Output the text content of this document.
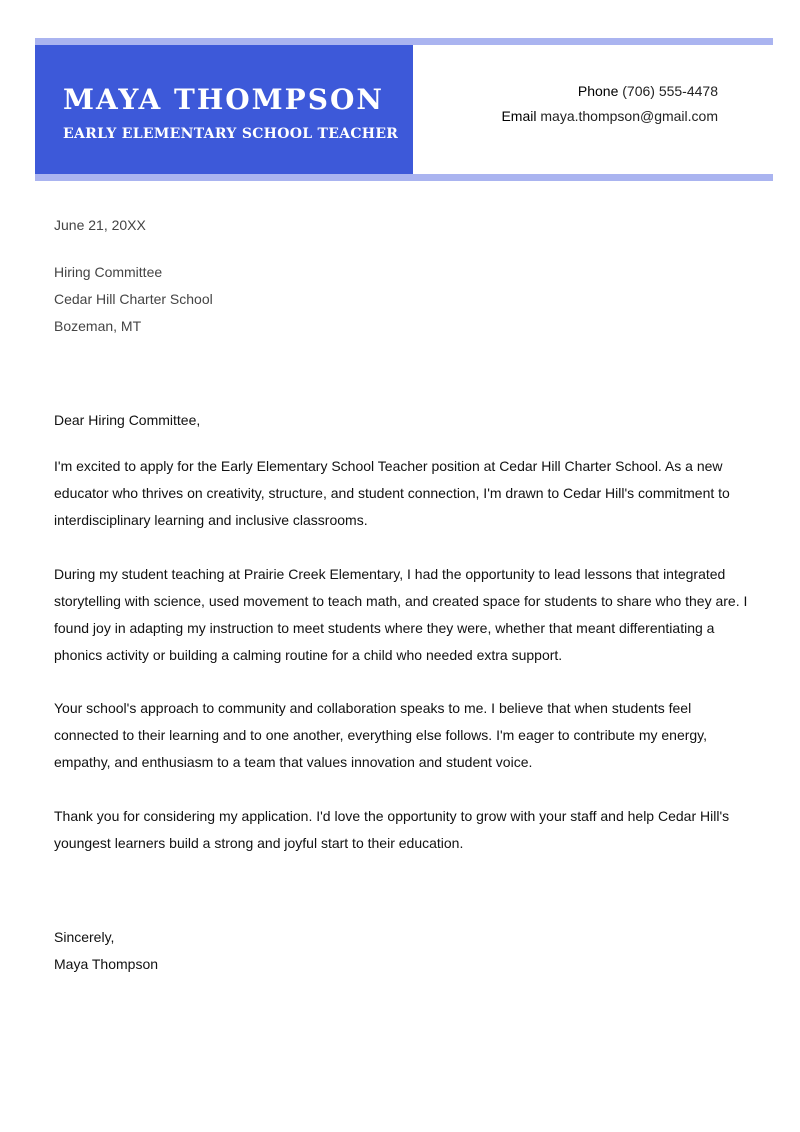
MAYA THOMPSON
EARLY ELEMENTARY SCHOOL TEACHER
Phone (706) 555-4478
Email maya.thompson@gmail.com
June 21, 20XX
Hiring Committee
Cedar Hill Charter School
Bozeman, MT
Dear Hiring Committee,

I'm excited to apply for the Early Elementary School Teacher position at Cedar Hill Charter School. As a new educator who thrives on creativity, structure, and student connection, I'm drawn to Cedar Hill's commitment to interdisciplinary learning and inclusive classrooms.

During my student teaching at Prairie Creek Elementary, I had the opportunity to lead lessons that integrated storytelling with science, used movement to teach math, and created space for students to share who they are. I found joy in adapting my instruction to meet students where they were, whether that meant differentiating a phonics activity or building a calming routine for a child who needed extra support.

Your school's approach to community and collaboration speaks to me. I believe that when students feel connected to their learning and to one another, everything else follows. I'm eager to contribute my energy, empathy, and enthusiasm to a team that values innovation and student voice.

Thank you for considering my application. I'd love the opportunity to grow with your staff and help Cedar Hill's youngest learners build a strong and joyful start to their education.

Sincerely,
Maya Thompson
